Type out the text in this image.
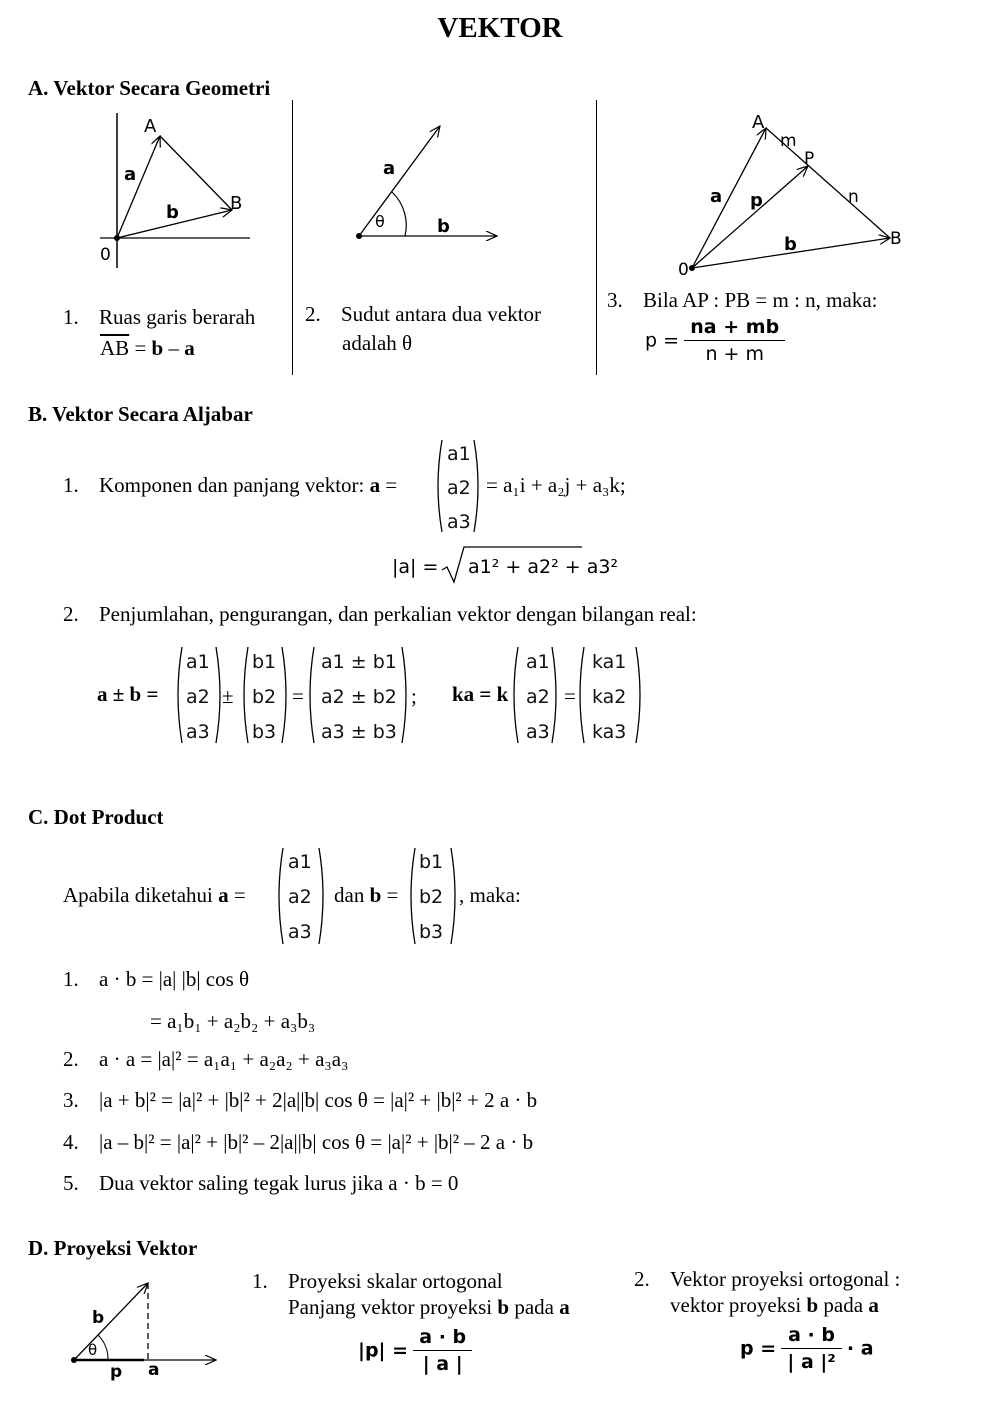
VEKTOR
A. Vektor Secara Geometri
A
a
B
b
0
a
θ	b
A
m
P
a p	n
b	B
0
1. Ruas garis berarah
$\overline{AB} = b - a$
2. Sudut antara dua vektor
adalah θ
3. Bila AP : PB = m : n, maka:
$p = \frac{na + mb}{n + m}$
B. Vektor Secara Aljabar
1. Komponen dan panjang vektor: a =
a1
a2
a3
= a₁i + a₂j + a₃k;
|a| = a1² + a2² + a3²
2. Penjumlahan, pengurangan, dan perkalian vektor dengan bilangan real:
a ± b =
a1
a2
a3
±
b1
b2
b3
=
a1 ± b1
a2 ± b2
a3 ± b3
; ka = k
a1
a2
a3
=
ka1
ka2
ka3
C. Dot Product
Apabila diketahui a =
a1
a2
a3
dan b =
b1
b2
b3
, maka:
1. a · b = |a| |b| cos θ
= a₁b₁ + a₂b₂ + a₃b₃
2. a · a = |a|² = a₁a₁ + a₂a₂ + a₃a₃
3. |a + b|² = |a|² + |b|² + 2|a||b| cos θ = |a|² + |b|² + 2 a · b
4. |a – b|² = |a|² + |b|² – 2|a||b| cos θ = |a|² + |b|² – 2 a · b
5. Dua vektor saling tegak lurus jika a · b = 0
D. Proyeksi Vektor
b
θ
p a
1. Proyeksi skalar ortogonal
Panjang vektor proyeksi b pada a
$|p| = \frac{a \cdot b}{| a |}$
2. Vektor proyeksi ortogonal :
vektor proyeksi b pada a
$p = \frac{a \cdot b}{\text{| a |²}} \cdot a$
